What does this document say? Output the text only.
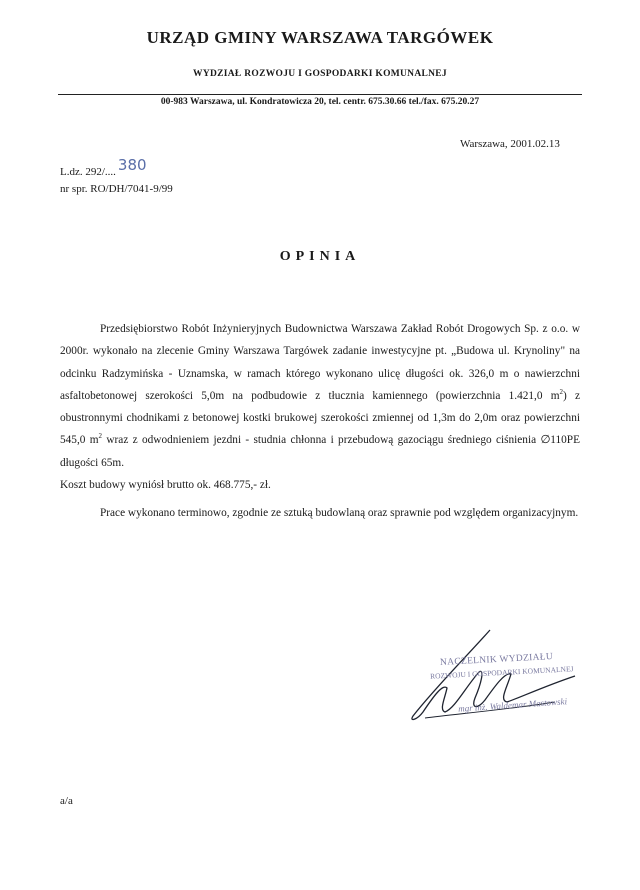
URZĄD GMINY WARSZAWA TARGÓWEK
WYDZIAŁ ROZWOJU I GOSPODARKI KOMUNALNEJ
00-983 Warszawa, ul. Kondratowicza 20, tel. centr. 675.30.66 tel./fax. 675.20.27
Warszawa, 2001.02.13
L.dz. 292/.... 380
nr spr. RO/DH/7041-9/99
OPINIA

Przedsiębiorstwo Robót Inżynieryjnych Budownictwa Warszawa Zakład Robót Drogowych Sp. z o.o. w 2000r. wykonało na zlecenie Gminy Warszawa Targówek zadanie inwestycyjne pt. „Budowa ul. Krynoliny" na odcinku Radzymińska - Uznamska, w ramach którego wykonano ulicę długości ok. 326,0 m o nawierzchni asfaltobetonowej szerokości 5,0m na podbudowie z tłucznia kamiennego (powierzchnia 1.421,0 $m^2$) z obustronnymi chodnikami z betonowej kostki brukowej szerokości zmiennej od 1,3m do 2,0m oraz powierzchni 545,0 $m^2$ wraz z odwodnieniem jezdni - studnia chłonna i przebudową gazociągu średniego ciśnienia ∅110PE długości 65m.

Koszt budowy wyniósł brutto ok. 468.775,- zł.

Prace wykonano terminowo, zgodnie ze sztuką budowlaną oraz sprawnie pod względem organizacyjnym.

NACZELNIK WYDZIAŁU
ROZWOJU I GOSPODARKI KOMUNALNEJ
mgr inż. Waldemar Mastowski
a/a
